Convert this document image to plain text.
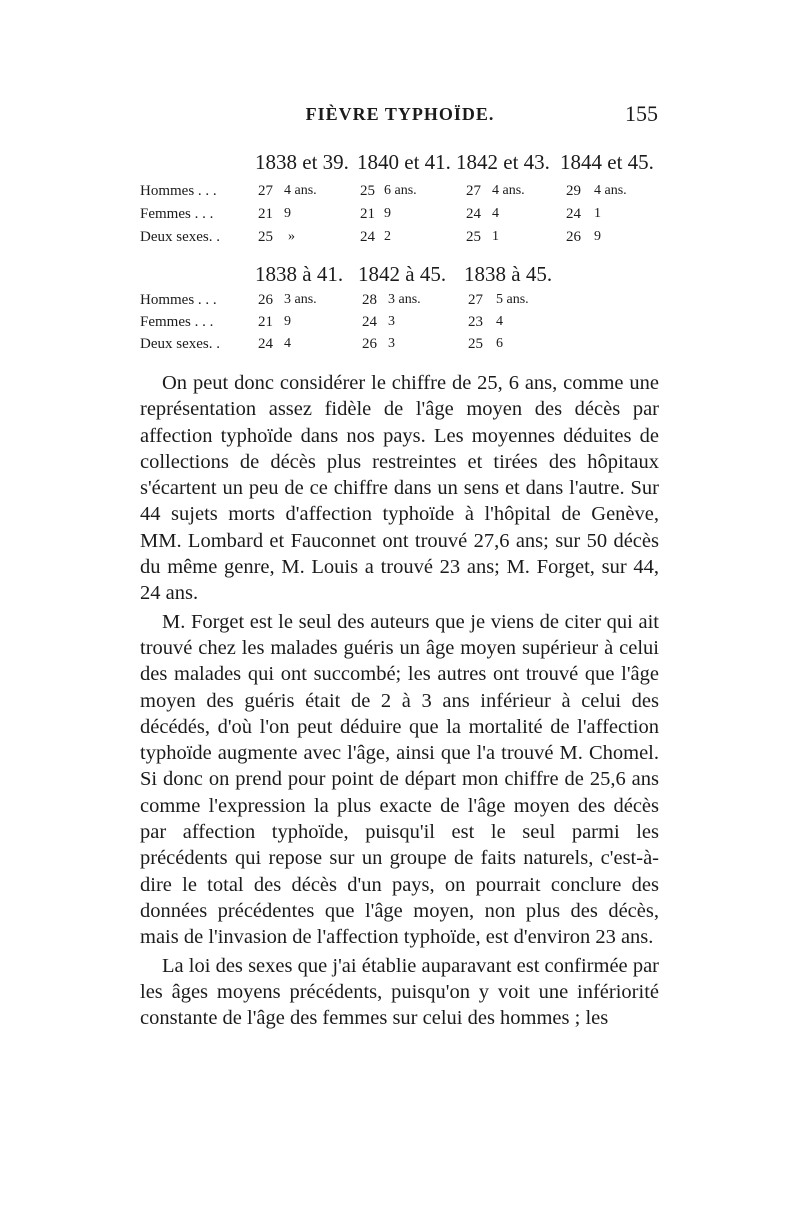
FIÈVRE TYPHOÏDE.	155
1838 et 39. 1840 et 41. 1842 et 43. 1844 et 45.
Hommes . . .	27 4 ans.	25 6 ans.	27 4 ans.	29 4 ans.
Femmes . . .	21 9	21 9	24 4	24 1
Deux sexes. .	25 »	24 2	25 1	26 9
1838 à 41. 1842 à 45. 1838 à 45.
Hommes . . .	26 3 ans.	28 3 ans.	27 5 ans.
Femmes . . .	21 9	24 3	23 4
Deux sexes. .	24 4	26 3	25 6

On peut donc considérer le chiffre de 25, 6 ans, comme une représentation assez fidèle de l'âge moyen des décès par affection typhoïde dans nos pays. Les moyennes déduites de collections de décès plus restreintes et tirées des hôpitaux s'écartent un peu de ce chiffre dans un sens et dans l'autre. Sur 44 sujets morts d'affection typhoïde à l'hôpital de Genève, MM. Lombard et Fauconnet ont trouvé 27,6 ans; sur 50 décès du même genre, M. Louis a trouvé 23 ans; M. Forget, sur 44, 24 ans.

M. Forget est le seul des auteurs que je viens de citer qui ait trouvé chez les malades guéris un âge moyen supérieur à celui des malades qui ont succombé; les autres ont trouvé que l'âge moyen des guéris était de 2 à 3 ans inférieur à celui des décédés, d'où l'on peut déduire que la mortalité de l'affection typhoïde augmente avec l'âge, ainsi que l'a trouvé M. Chomel. Si donc on prend pour point de départ mon chiffre de 25,6 ans comme l'expression la plus exacte de l'âge moyen des décès par affection typhoïde, puisqu'il est le seul parmi les précédents qui repose sur un groupe de faits naturels, c'est-à-dire le total des décès d'un pays, on pourrait conclure des données précédentes que l'âge moyen, non plus des décès, mais de l'invasion de l'affection typhoïde, est d'environ 23 ans.

La loi des sexes que j'ai établie auparavant est confirmée par les âges moyens précédents, puisqu'on y voit une infériorité constante de l'âge des femmes sur celui des hommes ; les
